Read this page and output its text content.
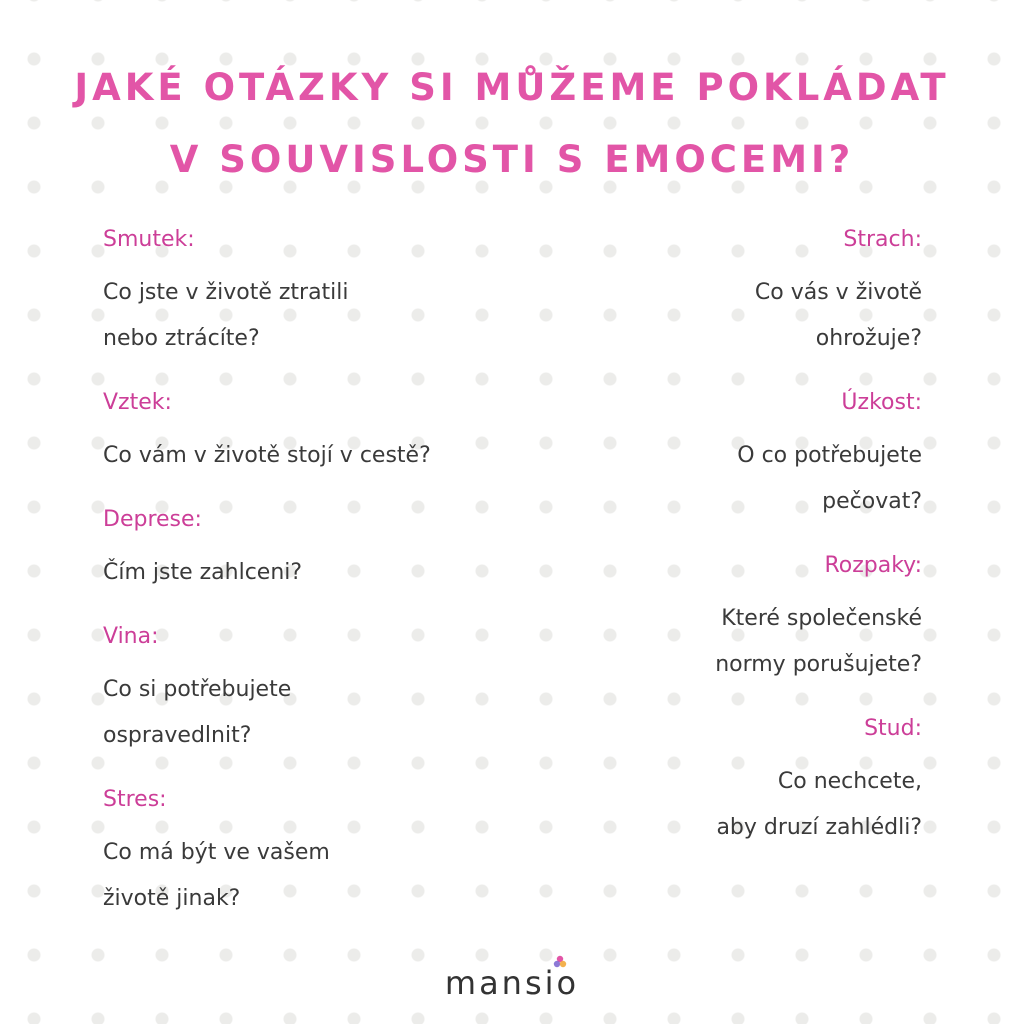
JAKÉ OTÁZKY SI MŮŽEME POKLÁDAT
V SOUVISLOSTI S EMOCEMI?
Smutek:
Co jste v životě ztratili
nebo ztrácíte?
Vztek:
Co vám v životě stojí v cestě?
Deprese:
Čím jste zahlceni?
Vina:
Co si potřebujete
ospravedlnit?
Stres:
Co má být ve vašem
životě jinak?
Strach:
Co vás v životě
ohrožuje?
Úzkost:
O co potřebujete
pečovat?
Rozpaky:
Které společenské
normy porušujete?
Stud:
Co nechcete,
aby druzí zahlédli?
mansio
